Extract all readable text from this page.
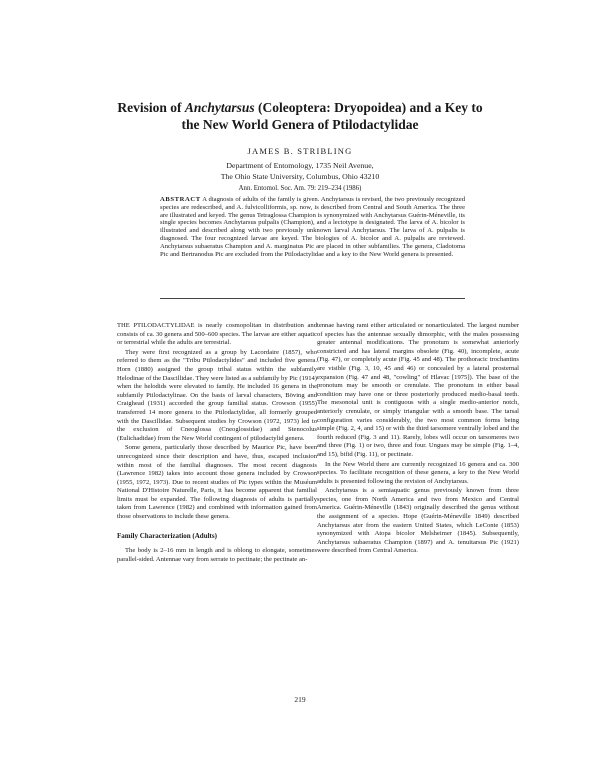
Revision of Anchytarsus (Coleoptera: Dryopoidea) and a Key to the New World Genera of Ptilodactylidae
JAMES B. STRIBLING
Department of Entomology, 1735 Neil Avenue,
The Ohio State University, Columbus, Ohio 43210
Ann. Entomol. Soc. Am. 79: 219–234 (1986)
ABSTRACT A diagnosis of adults of the family is given. Anchytarsus is revised, the two previously recognized species are redescribed, and A. fulvicolliformis, sp. now, is described from Central and South America. The three are illustrated and keyed. The genus Tetraglossa Champion is synonymized with Anchytarsus Guérin-Méneville, its single species becomes Anchytarsus pulpalis (Champion), and a lectotype is designated. The larva of A. bicolor is illustrated and described along with two previously unknown larval Anchytarsus. The larva of A. pulpalis is diagnosed. The four recognized larvae are keyed. The biologies of A. bicolor and A. pulpalis are reviewed. Anchytarsus subaeratus Champion and A. marginatus Pic are placed in other subfamilies. The genera, Cladotoma Pic and Bertranodus Pic are excluded from the Ptilodactylidae and a key to the New World genera is presented.

THE PTILODACTYLIDAE is nearly cosmopolitan in distribution and consists of ca. 30 genera and 500–600 species. The larvae are either aquatic or terrestrial while the adults are terrestrial.

They were first recognized as a group by Lacordaire (1857), who referred to them as the "Tribu Ptilodactylides" and included five genera. Horn (1880) assigned the group tribal status within the subfamily Helodinae of the Dascillidae. They were listed as a subfamily by Pic (1914) when the helodids were elevated to family. He included 16 genera in the subfamily Ptilodactylinae. On the basis of larval characters, Böving and Craighead (1931) accorded the group familial status. Crowson (1955) transferred 14 more genera to the Ptilodactylidae, all formerly grouped with the Dascillidae. Subsequent studies by Crowson (1972, 1973) led to the exclusion of Cneoglossa (Cneoglossidae) and Stenocolus (Eulichadidae) from the New World contingent of ptilodactylid genera.

Some genera, particularly those described by Maurice Pic, have been unrecognized since their description and have, thus, escaped inclusion within most of the familial diagnoses. The most recent diagnosis (Lawrence 1982) takes into account those genera included by Crowson (1955, 1972, 1973). Due to recent studies of Pic types within the Muséum National D'Histoire Naturelle, Paris, it has become apparent that familial limits must be expanded. The following diagnosis of adults is partially taken from Lawrence (1982) and combined with information gained from those observations to include these genera.

Family Characterization (Adults)

The body is 2–16 mm in length and is oblong to elongate, sometimes parallel-sided. Antennae vary from serrate to pectinate; the pectinate an-

tennae having rami either articulated or nonarticulated. The largest number of species has the antennae sexually dimorphic, with the males possessing greater antennal modifications. The pronotum is somewhat anteriorly constricted and has lateral margins obsolete (Fig. 40), incomplete, acute (Fig. 47), or completely acute (Fig. 45 and 48). The prothoracic trochantins are visible (Fig. 3, 10, 45 and 46) or concealed by a lateral prosternal expansion (Fig. 47 and 48, "cowling" of Hlavac [1975]). The base of the pronotum may be smooth or crenulate. The pronotum in either basal condition may have one or three posteriorly produced medio-basal teeth. The mesonotal unit is contiguous with a single medio-anterior notch, anteriorly crenulate, or simply triangular with a smooth base. The tarsal configuration varies considerably, the two most common forms being simple (Fig. 2, 4, and 15) or with the third tarsomere ventrally lobed and the fourth reduced (Fig. 3 and 11). Rarely, lobes will occur on tarsomeres two and three (Fig. 1) or two, three and four. Ungues may be simple (Fig. 1–4, and 15), bifid (Fig. 11), or pectinate.

In the New World there are currently recognized 16 genera and ca. 300 species. To facilitate recognition of these genera, a key to the New World adults is presented following the revision of Anchytarsus.

Anchytarsus is a semiaquatic genus previously known from three species, one from North America and two from Mexico and Central America. Guérin-Méneville (1843) originally described the genus without the assignment of a species. Hope (Guérin-Méneville 1849) described Anchytarsus ater from the eastern United States, which LeConte (1853) synonymized with Atopa bicolor Melsheimer (1845). Subsequently, Anchytarsus subaeratus Champion (1897) and A. tenuitarsus Pic (1921) were described from Central America.

219
